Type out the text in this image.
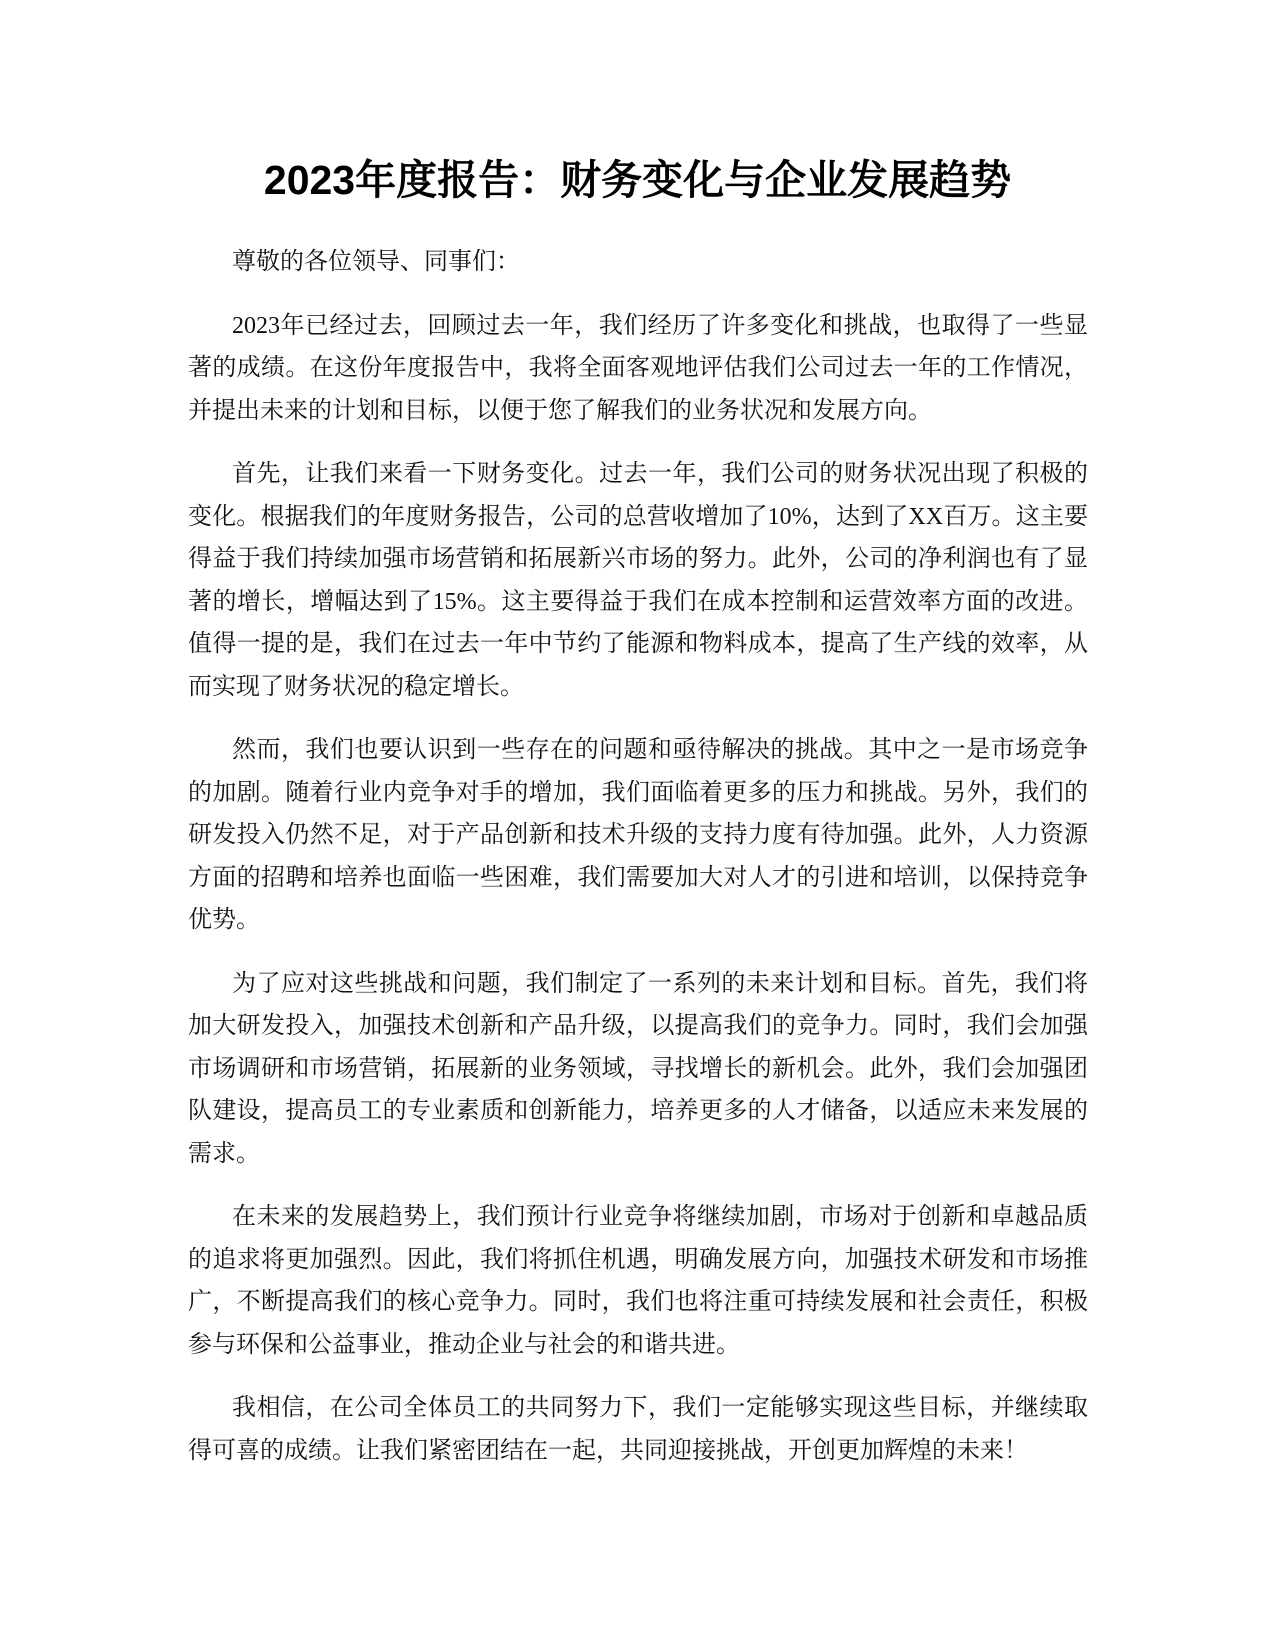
2023年度报告：财务变化与企业发展趋势

尊敬的各位领导、同事们：

2023年已经过去，回顾过去一年，我们经历了许多变化和挑战，也取得了一些显著的成绩。在这份年度报告中，我将全面客观地评估我们公司过去一年的工作情况，并提出未来的计划和目标，以便于您了解我们的业务状况和发展方向。

首先，让我们来看一下财务变化。过去一年，我们公司的财务状况出现了积极的变化。根据我们的年度财务报告，公司的总营收增加了10%，达到了XX百万。这主要得益于我们持续加强市场营销和拓展新兴市场的努力。此外，公司的净利润也有了显著的增长，增幅达到了15%。这主要得益于我们在成本控制和运营效率方面的改进。值得一提的是，我们在过去一年中节约了能源和物料成本，提高了生产线的效率，从而实现了财务状况的稳定增长。

然而，我们也要认识到一些存在的问题和亟待解决的挑战。其中之一是市场竞争的加剧。随着行业内竞争对手的增加，我们面临着更多的压力和挑战。另外，我们的研发投入仍然不足，对于产品创新和技术升级的支持力度有待加强。此外，人力资源方面的招聘和培养也面临一些困难，我们需要加大对人才的引进和培训，以保持竞争优势。

为了应对这些挑战和问题，我们制定了一系列的未来计划和目标。首先，我们将加大研发投入，加强技术创新和产品升级，以提高我们的竞争力。同时，我们会加强市场调研和市场营销，拓展新的业务领域，寻找增长的新机会。此外，我们会加强团队建设，提高员工的专业素质和创新能力，培养更多的人才储备，以适应未来发展的需求。

在未来的发展趋势上，我们预计行业竞争将继续加剧，市场对于创新和卓越品质的追求将更加强烈。因此，我们将抓住机遇，明确发展方向，加强技术研发和市场推广，不断提高我们的核心竞争力。同时，我们也将注重可持续发展和社会责任，积极参与环保和公益事业，推动企业与社会的和谐共进。

我相信，在公司全体员工的共同努力下，我们一定能够实现这些目标，并继续取得可喜的成绩。让我们紧密团结在一起，共同迎接挑战，开创更加辉煌的未来！
